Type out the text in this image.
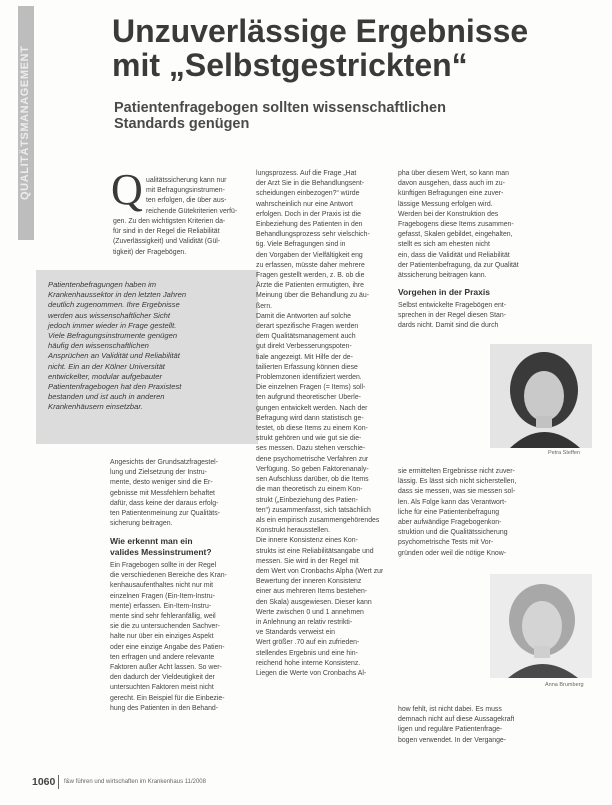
QUALITÄTSMANAGEMENT
Unzuverlässige Ergebnisse
mit „Selbstgestrickten“
Patientenfragebogen sollten wissenschaftlichen
Standards genügen
Q ualitätssicherung kann nur
mit Befragungsinstrumen-
ten erfolgen, die über aus-
reichende Gütekriterien verfü-
gen. Zu den wichtigsten Kriterien da-
für sind in der Regel die Reliabilität
(Zuverlässigkeit) und Validität (Gül-
tigkeit) der Fragebögen.
Patientenbefragungen haben im
Krankenhaussektor in den letzten Jahren
deutlich zugenommen. Ihre Ergebnisse
werden aus wissenschaftlicher Sicht
jedoch immer wieder in Frage gestellt.
Viele Befragungsinstrumente genügen
häufig den wissenschaftlichen
Ansprüchen an Validität und Reliabilität
nicht. Ein an der Kölner Universität
entwickelter, modular aufgebauter
Patientenfragebogen hat den Praxistest
bestanden und ist auch in anderen
Krankenhäusern einsetzbar.
Angesichts der Grundsatzfragestel-
lung und Zielsetzung der Instru-
mente, desto weniger sind die Er-
gebnisse mit Messfehlern behaftet
dafür, dass keine der daraus erfolg-
ten Patientenmeinung zur Qualitäts-
sicherung beitragen.
Wie erkennt man ein
valides Messinstrument?
Ein Fragebogen sollte in der Regel
die verschiedenen Bereiche des Kran-
kenhausaufenthaltes nicht nur mit
einzelnen Fragen (Ein-Item-Instru-
mente) erfassen. Ein-Item-Instru-
mente sind sehr fehleranfällig, weil
sie die zu untersuchenden Sachver-
halte nur über ein einziges Aspekt
oder eine einzige Angabe des Patien-
ten erfragen und andere relevante
Faktoren außer Acht lassen. So wer-
den dadurch der Vieldeutigkeit der
untersuchten Faktoren meist nicht
gerecht. Ein Beispiel für die Einbezie-
hung des Patienten in den Behand-
lungsprozess. Auf die Frage „Hat
der Arzt Sie in die Behandlungsent-
scheidungen einbezogen?“ würde
wahrscheinlich nur eine Antwort
erfolgen. Doch in der Praxis ist die
Einbeziehung des Patienten in den
Behandlungsprozess sehr vielschich-
tig. Viele Befragungen sind in
den Vorgaben der Vielfältigkeit eng
zu erfassen, müsste daher mehrere
Fragen gestellt werden, z. B. ob die
Ärzte die Patienten ermutigten, ihre
Meinung über die Behandlung zu äu-
ßern.
Damit die Antworten auf solche
derart spezifische Fragen werden
dem Qualitätsmanagement auch
gut direkt Verbesserungspoten-
tiale angezeigt. Mit Hilfe der de-
tailierten Erfassung können diese
Problemzonen identifiziert werden.
Die einzelnen Fragen (= Items) soll-
ten aufgrund theoretischer Überle-
gungen entwickelt werden. Nach der
Befragung wird dann statistisch ge-
testet, ob diese Items zu einem Kon-
strukt gehören und wie gut sie die-
ses messen. Dazu stehen verschie-
dene psychometrische Verfahren zur
Verfügung. So geben Faktorenanaly-
sen Aufschluss darüber, ob die Items
die man theoretisch zu einem Kon-
strukt („Einbeziehung des Patien-
ten“) zusammenfasst, sich tatsächlich
als ein empirisch zusammengehörendes
Konstrukt herausstellen.
Die innere Konsistenz eines Kon-
strukts ist eine Reliabilitätsangabe und
messen. Sie wird in der Regel mit
dem Wert von Cronbachs Alpha (Wert zur
Bewertung der inneren Konsistenz
einer aus mehreren Items bestehen-
den Skala) ausgewiesen. Dieser kann
Werte zwischen 0 und 1 annehmen
in Anlehnung an relativ restrikti-
ve Standards verweist ein
Wert größer .70 auf ein zufrieden-
stellendes Ergebnis und eine hin-
reichend hohe interne Konsistenz.
Liegen die Werte von Cronbachs Al-
pha über diesem Wert, so kann man
davon ausgehen, dass auch im zu-
künftigen Befragungen eine zuver-
lässige Messung erfolgen wird.
Werden bei der Konstruktion des
Fragebogens diese Items zusammen-
gefasst, Skalen gebildet, eingehalten,
stellt es sich am ehesten nicht
ein, dass die Validität und Reliabilität
der Patientenbefragung, da zur Qualität
ätssicherung beitragen kann.
Vorgehen in der Praxis
Selbst entwickelte Fragebögen ent-
sprechen in der Regel diesen Stan-
dards nicht. Damit sind die durch
Petra Steffen
sie ermittelten Ergebnisse nicht zuver-
lässig. Es lässt sich nicht sicherstellen,
dass sie messen, was sie messen sol-
len. Als Folge kann das Verantwort-
liche für eine Patientenbefragung
aber aufwändige Fragebogenkon-
struktion und die Qualitätssicherung
psychometrische Tests mit Vor-
gründen oder weil die nötige Know-
Anna Brumberg
how fehlt, ist nicht dabei. Es muss
demnach nicht auf diese Aussagekraft
ligen und reguläre Patientenfrage-
bogen verwendet. In der Vergange-
1060 f&w führen und wirtschaften im Krankenhaus 11/2008
